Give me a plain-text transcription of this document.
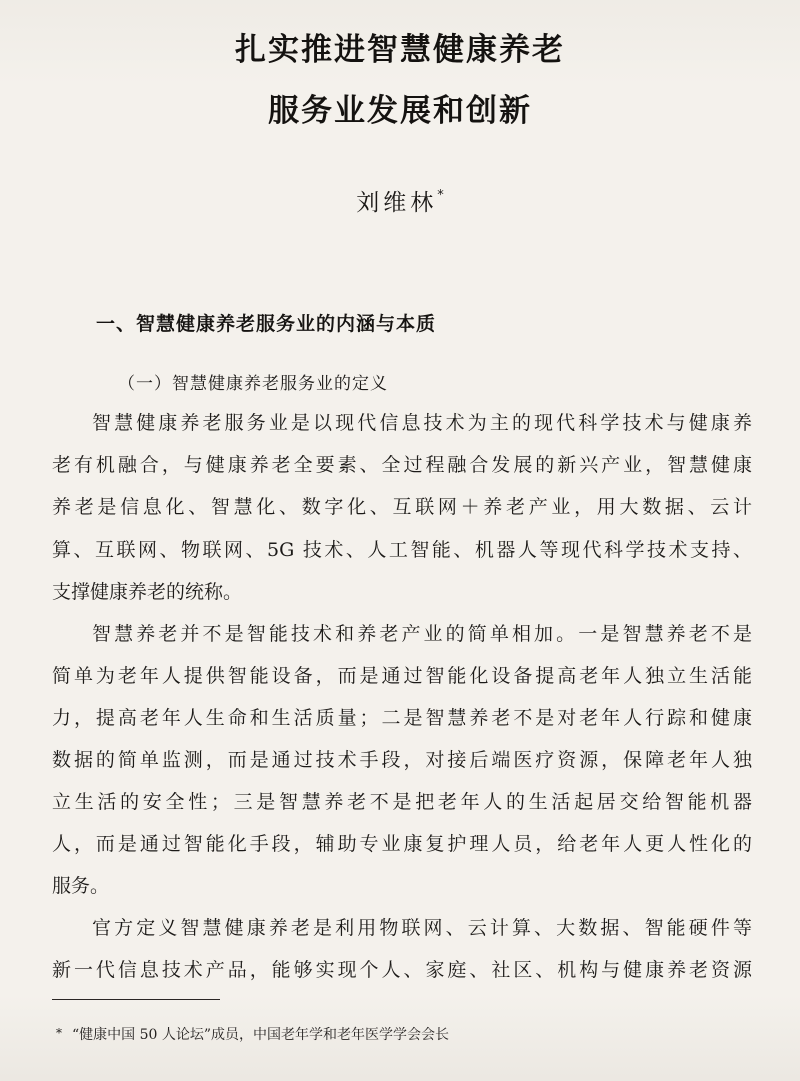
扎实推进智慧健康养老
服务业发展和创新
刘维林*
一、智慧健康养老服务业的内涵与本质
（一）智慧健康养老服务业的定义
智慧健康养老服务业是以现代信息技术为主的现代科学技术与健康养
老有机融合，与健康养老全要素、全过程融合发展的新兴产业，智慧健康
养老是信息化、智慧化、数字化、互联网＋养老产业，用大数据、云计
算、互联网、物联网、5G 技术、人工智能、机器人等现代科学技术支持、
支撑健康养老的统称。
智慧养老并不是智能技术和养老产业的简单相加。一是智慧养老不是
简单为老年人提供智能设备，而是通过智能化设备提高老年人独立生活能
力，提高老年人生命和生活质量；二是智慧养老不是对老年人行踪和健康
数据的简单监测，而是通过技术手段，对接后端医疗资源，保障老年人独
立生活的安全性；三是智慧养老不是把老年人的生活起居交给智能机器
人，而是通过智能化手段，辅助专业康复护理人员，给老年人更人性化的
服务。
官方定义智慧健康养老是利用物联网、云计算、大数据、智能硬件等
新一代信息技术产品，能够实现个人、家庭、社区、机构与健康养老资源
* “健康中国 50 人论坛”成员，中国老年学和老年医学学会会长
